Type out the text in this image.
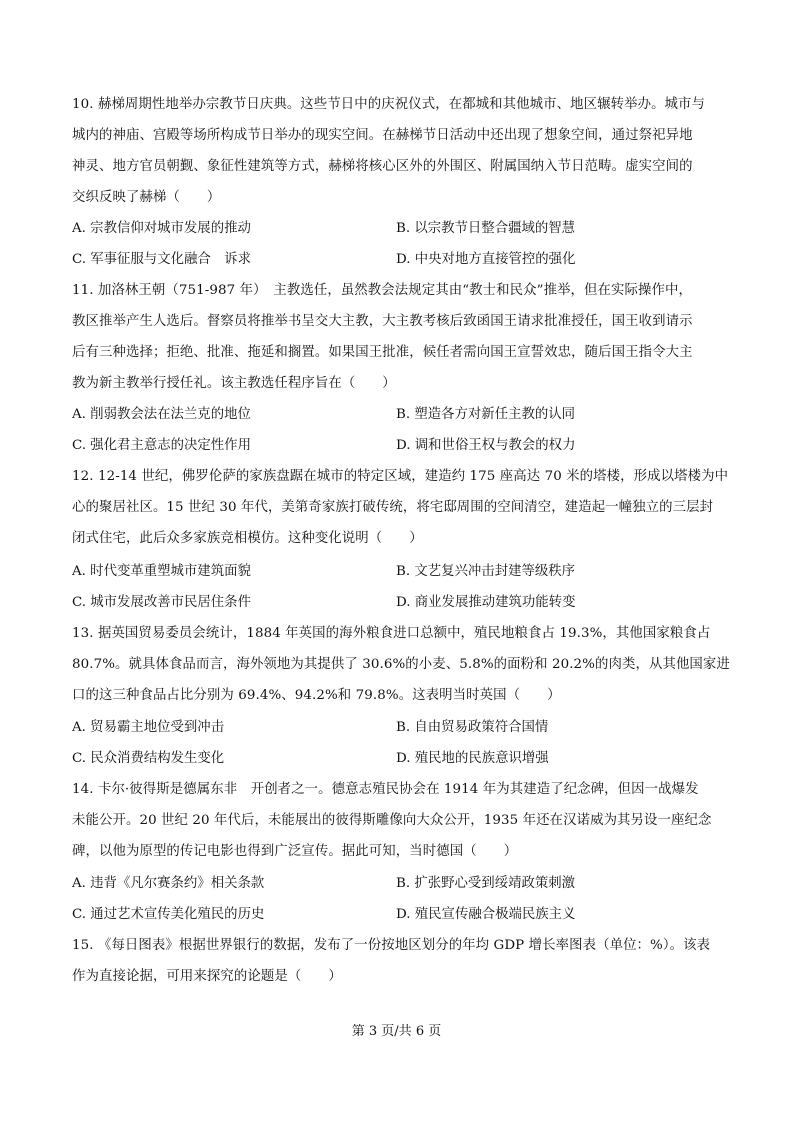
10. 赫梯周期性地举办宗教节日庆典。这些节日中的庆祝仪式，在都城和其他城市、地区辗转举办。城市与
城内的神庙、宫殿等场所构成节日举办的现实空间。在赫梯节日活动中还出现了想象空间，通过祭祀异地
神灵、地方官员朝觐、象征性建筑等方式，赫梯将核心区外的外围区、附属国纳入节日范畴。虚实空间的
交织反映了赫梯（　　）
A. 宗教信仰对城市发展的推动	B. 以宗教节日整合疆域的智慧
C. 军事征服与文化融合　诉求	D. 中央对地方直接管控的强化
11. 加洛林王朝（751-987 年）　主教选任，虽然教会法规定其由“教士和民众”推举，但在实际操作中，
教区推举产生人选后。督察员将推举书呈交大主教，大主教考核后致函国王请求批准授任，国王收到请示
后有三种选择；拒绝、批准、拖延和搁置。如果国王批准，候任者需向国王宣誓效忠，随后国王指令大主
教为新主教举行授任礼。该主教选任程序旨在（　　）
A. 削弱教会法在法兰克的地位	B. 塑造各方对新任主教的认同
C. 强化君主意志的决定性作用	D. 调和世俗王权与教会的权力
12. 12-14 世纪，佛罗伦萨的家族盘踞在城市的特定区域，建造约 175 座高达 70 米的塔楼，形成以塔楼为中
心的聚居社区。15 世纪 30 年代，美第奇家族打破传统，将宅邸周围的空间清空，建造起一幢独立的三层封
闭式住宅，此后众多家族竞相模仿。这种变化说明（　　）
A. 时代变革重塑城市建筑面貌	B. 文艺复兴冲击封建等级秩序
C. 城市发展改善市民居住条件	D. 商业发展推动建筑功能转变
13. 据英国贸易委员会统计，1884 年英国的海外粮食进口总额中，殖民地粮食占 19.3%，其他国家粮食占
80.7%。就具体食品而言，海外领地为其提供了 30.6%的小麦、5.8%的面粉和 20.2%的肉类，从其他国家进
口的这三种食品占比分别为 69.4%、94.2%和 79.8%。这表明当时英国（　　）
A. 贸易霸主地位受到冲击	B. 自由贸易政策符合国情
C. 民众消费结构发生变化	D. 殖民地的民族意识增强
14. 卡尔·彼得斯是德属东非　开创者之一。德意志殖民协会在 1914 年为其建造了纪念碑，但因一战爆发
未能公开。20 世纪 20 年代后，未能展出的彼得斯雕像向大众公开，1935 年还在汉诺威为其另设一座纪念
碑，以他为原型的传记电影也得到广泛宣传。据此可知，当时德国（　　）
A. 违背《凡尔赛条约》相关条款	B. 扩张野心受到绥靖政策刺激
C. 通过艺术宣传美化殖民的历史	D. 殖民宣传融合极端民族主义
15. 《每日图表》根据世界银行的数据，发布了一份按地区划分的年均 GDP 增长率图表（单位：%）。该表
作为直接论据，可用来探究的论题是（　　）
第 3 页/共 6 页
